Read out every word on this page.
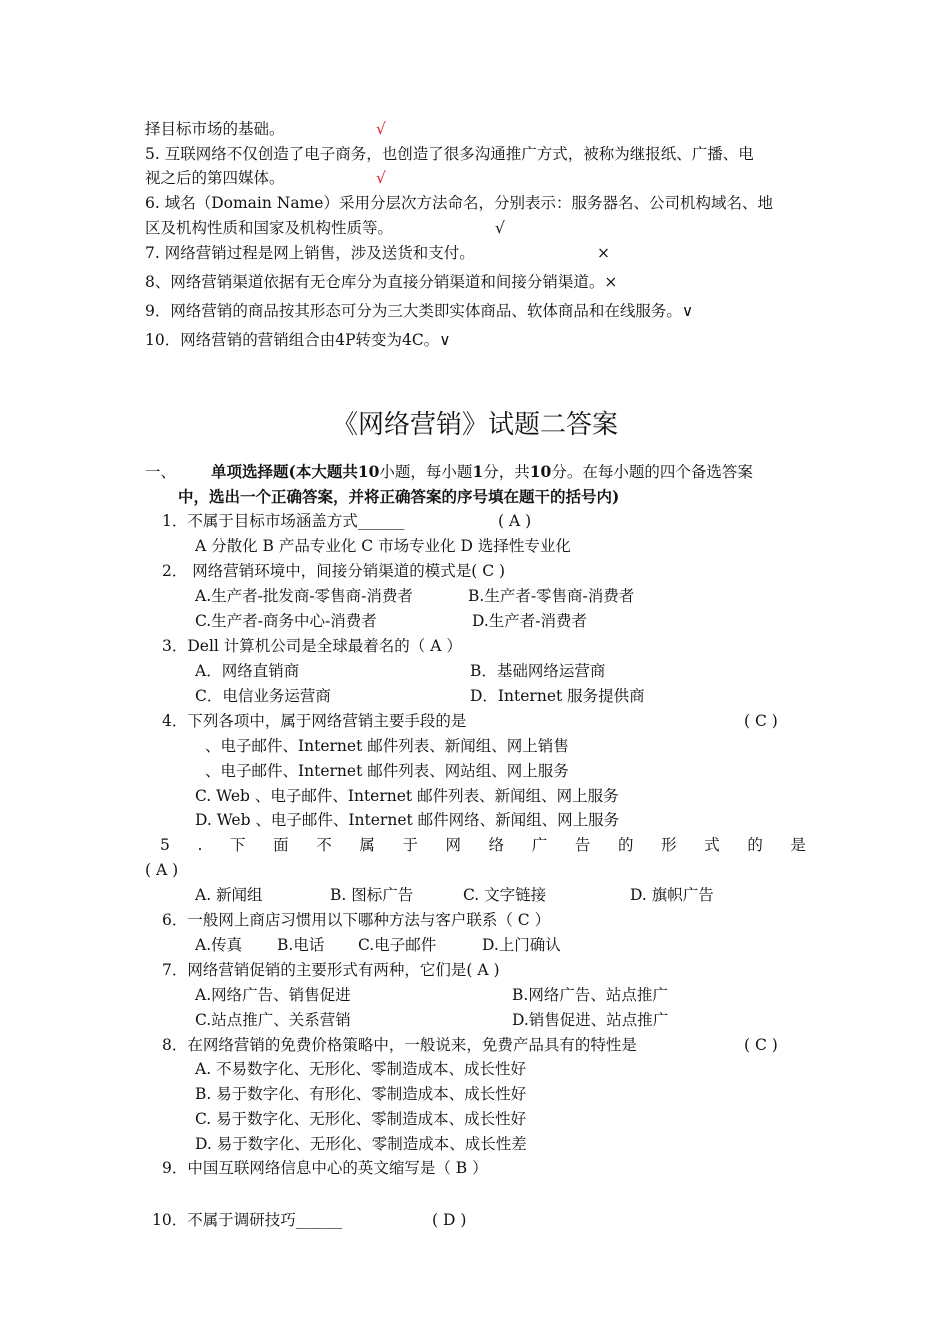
择目标市场的基础。	√
5. 互联网络不仅创造了电子商务，也创造了很多沟通推广方式，被称为继报纸、广播、电
视之后的第四媒体。	√
6. 域名（Domain Name）采用分层次方法命名，分别表示：服务器名、公司机构域名、地
区及机构性质和国家及机构性质等。	√
7. 网络营销过程是网上销售，涉及送货和支付。	×
8、网络营销渠道依据有无仓库分为直接分销渠道和间接分销渠道。×
9．网络营销的商品按其形态可分为三大类即实体商品、软体商品和在线服务。∨
10．网络营销的营销组合由4P转变为4C。∨
《网络营销》试题二答案
一、 单项选择题(本大题共10小题，每小题1分，共10分。在每小题的四个备选答案
中，选出一个正确答案，并将正确答案的序号填在题干的括号内)
1．不属于目标市场涵盖方式______	( A )
A 分散化 B 产品专业化 C 市场专业化 D 选择性专业化
2． 网络营销环境中，间接分销渠道的模式是( C )
A.生产者-批发商-零售商-消费者	B.生产者-零售商-消费者
C.生产者-商务中心-消费者	D.生产者-消费者
3．Dell 计算机公司是全球最着名的（ A ）
A．网络直销商	B．基础网络运营商
C．电信业务运营商	D．Internet 服务提供商
4．下列各项中，属于网络营销主要手段的是	( C )
、电子邮件、Internet 邮件列表、新闻组、网上销售
、电子邮件、Internet 邮件列表、网站组、网上服务
C. Web 、电子邮件、Internet 邮件列表、新闻组、网上服务
D. Web 、电子邮件、Internet 邮件网络、新闻组、网上服务
5 . 下 面 不 属 于 网 络 广 告 的 形 式 的 是
( A )
A. 新闻组	B. 图标广告	C. 文字链接	D. 旗帜广告
6．一般网上商店习惯用以下哪种方法与客户联系（ C ）
A.传真 B.电话 C.电子邮件	D.上门确认
7．网络营销促销的主要形式有两种，它们是( A )
A.网络广告、销售促进	B.网络广告、站点推广
C.站点推广、关系营销	D.销售促进、站点推广
8．在网络营销的免费价格策略中，一般说来，免费产品具有的特性是	( C )
A. 不易数字化、无形化、零制造成本、成长性好
B. 易于数字化、有形化、零制造成本、成长性好
C. 易于数字化、无形化、零制造成本、成长性好
D. 易于数字化、无形化、零制造成本、成长性差
9．中国互联网络信息中心的英文缩写是（ B ）
10．不属于调研技巧______	( D )
